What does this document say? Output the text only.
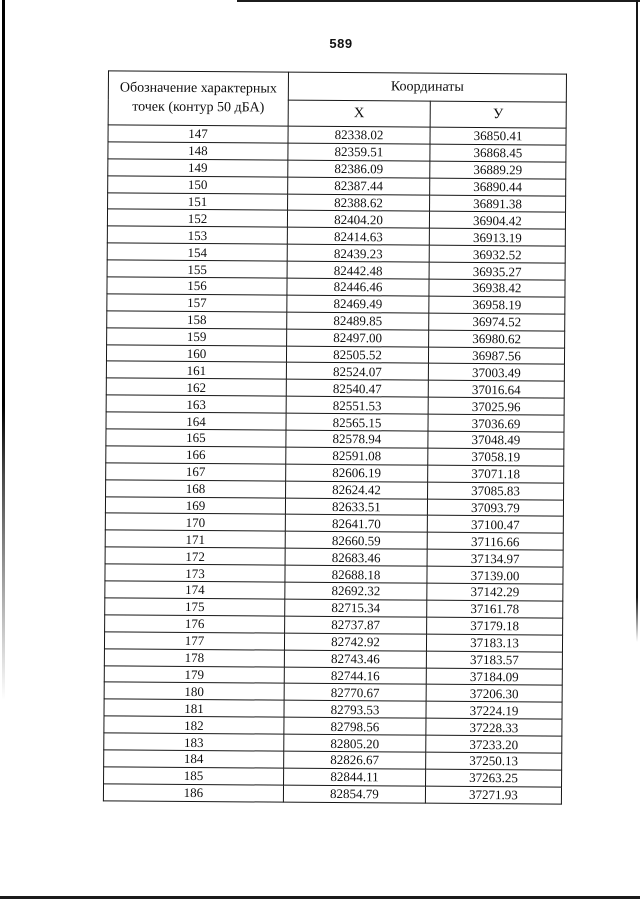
589
Обозначение характерных
точек (контур 50 дБА)	Координаты	
	X	У
147	82338.02	36850.41
148	82359.51	36868.45
149	82386.09	36889.29
150	82387.44	36890.44
151	82388.62	36891.38
152	82404.20	36904.42
153	82414.63	36913.19
154	82439.23	36932.52
155	82442.48	36935.27
156	82446.46	36938.42
157	82469.49	36958.19
158	82489.85	36974.52
159	82497.00	36980.62
160	82505.52	36987.56
161	82524.07	37003.49
162	82540.47	37016.64
163	82551.53	37025.96
164	82565.15	37036.69
165	82578.94	37048.49
166	82591.08	37058.19
167	82606.19	37071.18
168	82624.42	37085.83
169	82633.51	37093.79
170	82641.70	37100.47
171	82660.59	37116.66
172	82683.46	37134.97
173	82688.18	37139.00
174	82692.32	37142.29
175	82715.34	37161.78
176	82737.87	37179.18
177	82742.92	37183.13
178	82743.46	37183.57
179	82744.16	37184.09
180	82770.67	37206.30
181	82793.53	37224.19
182	82798.56	37228.33
183	82805.20	37233.20
184	82826.67	37250.13
185	82844.11	37263.25
186	82854.79	37271.93
